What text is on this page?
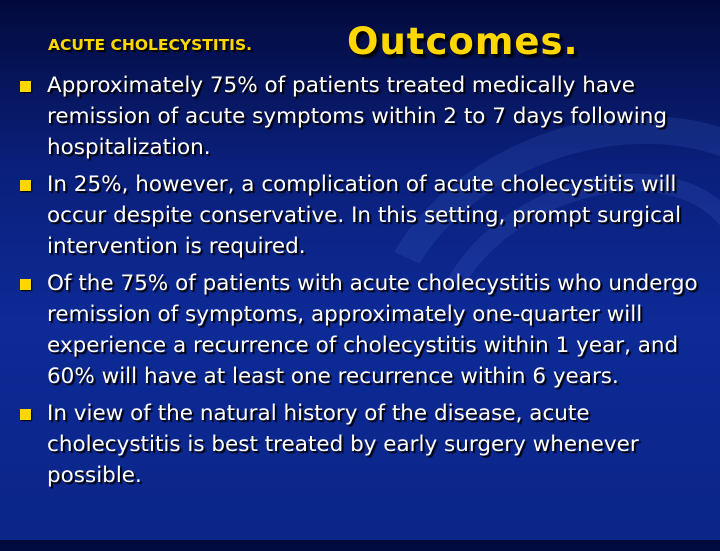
ACUTE CHOLECYSTITIS.	Outcomes.
Approximately 75% of patients treated medically have remission of acute symptoms within 2 to 7 days following hospitalization.
In 25%, however, a complication of acute cholecystitis will occur despite conservative. In this setting, prompt surgical intervention is required.
Of the 75% of patients with acute cholecystitis who undergo remission of symptoms, approximately one-quarter will experience a recurrence of cholecystitis within 1 year, and 60% will have at least one recurrence within 6 years.
In view of the natural history of the disease, acute cholecystitis is best treated by early surgery whenever possible.
